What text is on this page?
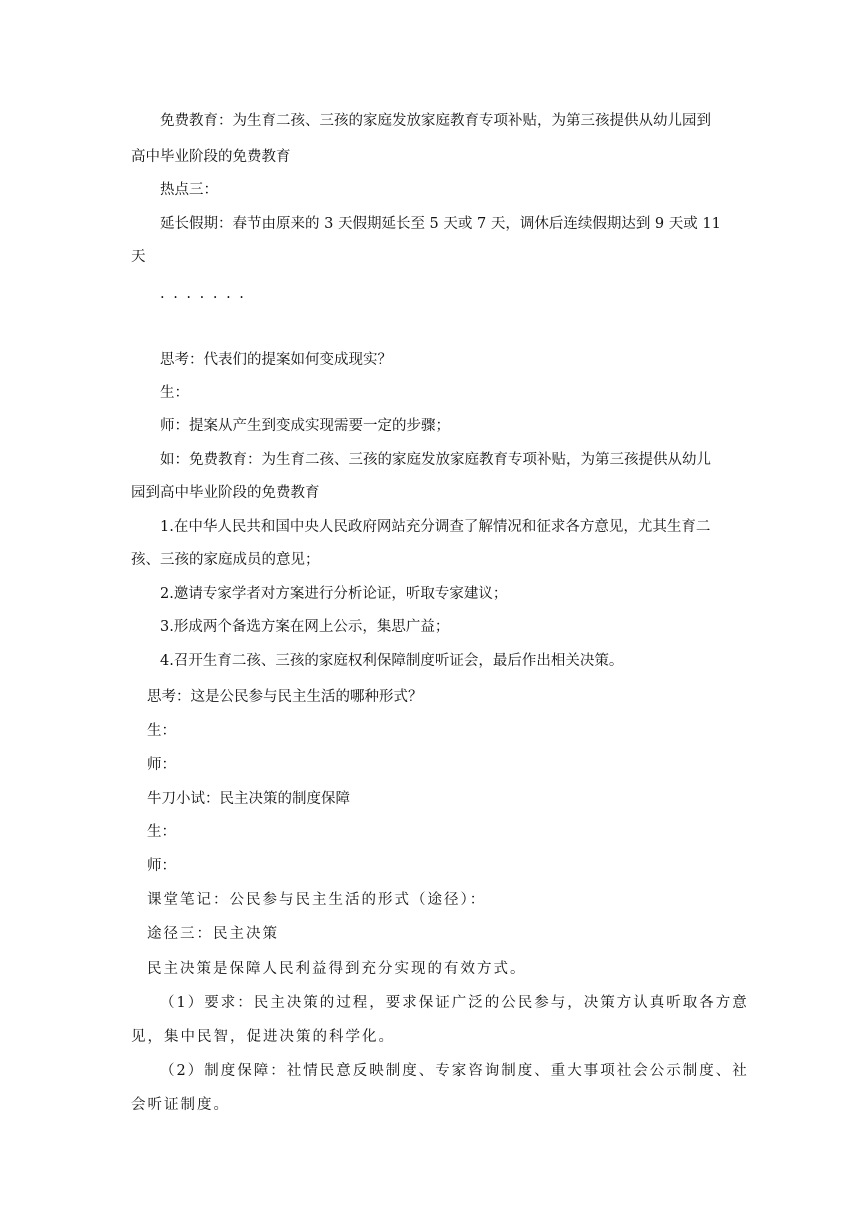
免费教育：为生育二孩、三孩的家庭发放家庭教育专项补贴，为第三孩提供从幼儿园到
高中毕业阶段的免费教育
热点三：
延长假期：春节由原来的 3 天假期延长至 5 天或 7 天，调休后连续假期达到 9 天或 11
天
. . . . . . .
思考：代表们的提案如何变成现实？
生：
师：提案从产生到变成实现需要一定的步骤；
如：免费教育：为生育二孩、三孩的家庭发放家庭教育专项补贴，为第三孩提供从幼儿
园到高中毕业阶段的免费教育
1.在中华人民共和国中央人民政府网站充分调查了解情况和征求各方意见，尤其生育二
孩、三孩的家庭成员的意见；
2.邀请专家学者对方案进行分析论证，听取专家建议；
3.形成两个备选方案在网上公示，集思广益；
4.召开生育二孩、三孩的家庭权利保障制度听证会，最后作出相关决策。
思考：这是公民参与民主生活的哪种形式？
生：
师：
牛刀小试：民主决策的制度保障
生：
师：
课堂笔记：公民参与民主生活的形式（途径）：
途径三：民主决策
民主决策是保障人民利益得到充分实现的有效方式。
（1）要求：民主决策的过程，要求保证广泛的公民参与，决策方认真听取各方意
见，集中民智，促进决策的科学化。
（2）制度保障：社情民意反映制度、专家咨询制度、重大事项社会公示制度、社
会听证制度。
